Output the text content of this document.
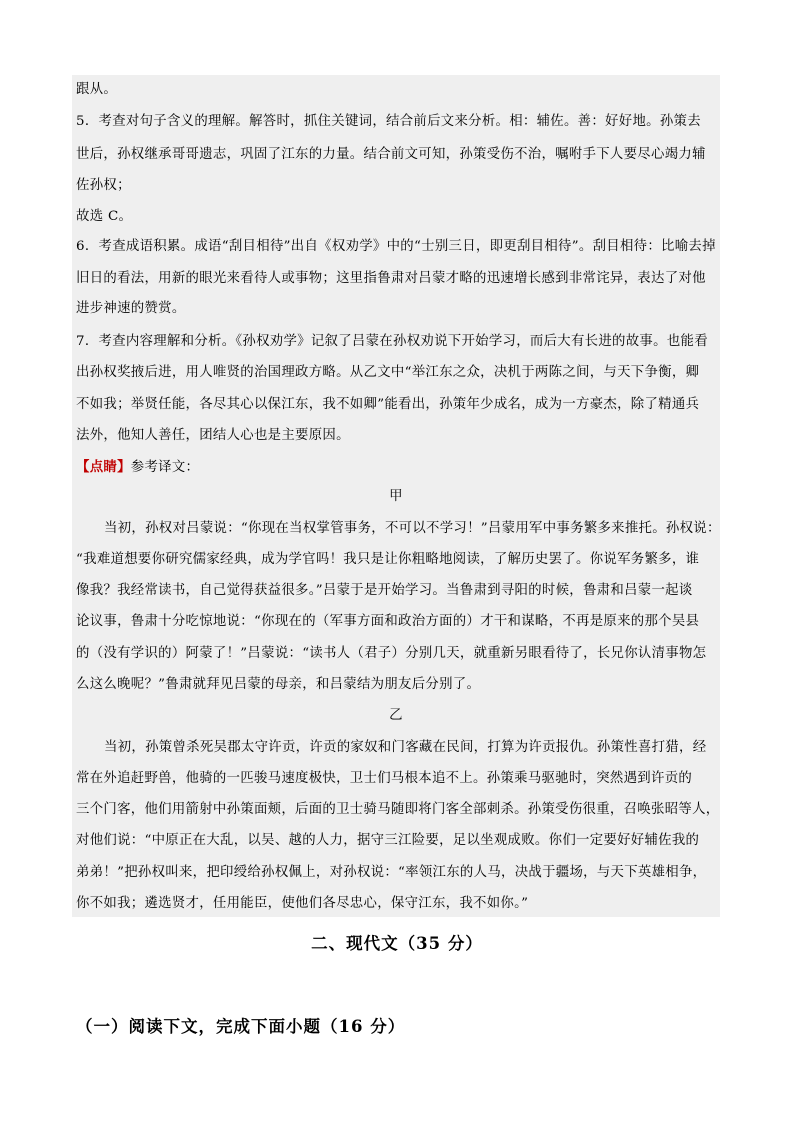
跟从。
5．考查对句子含义的理解。解答时，抓住关键词，结合前后文来分析。相：辅佐。善：好好地。孙策去
世后，孙权继承哥哥遗志，巩固了江东的力量。结合前文可知，孙策受伤不治，嘱咐手下人要尽心竭力辅
佐孙权；
故选 C。
6．考查成语积累。成语“刮目相待”出自《权劝学》中的“士别三日，即更刮目相待”。刮目相待：比喻去掉
旧日的看法，用新的眼光来看待人或事物；这里指鲁肃对吕蒙才略的迅速增长感到非常诧异，表达了对他
进步神速的赞赏。
7．考查内容理解和分析。《孙权劝学》记叙了吕蒙在孙权劝说下开始学习，而后大有长进的故事。也能看
出孙权奖掖后进，用人唯贤的治国理政方略。从乙文中“举江东之众，决机于两陈之间，与天下争衡，卿
不如我；举贤任能，各尽其心以保江东，我不如卿”能看出，孙策年少成名，成为一方豪杰，除了精通兵
法外，他知人善任，团结人心也是主要原因。
【点睛】参考译文：
甲
当初，孙权对吕蒙说：“你现在当权掌管事务，不可以不学习！”吕蒙用军中事务繁多来推托。孙权说：
“我难道想要你研究儒家经典，成为学官吗！我只是让你粗略地阅读，了解历史罢了。你说军务繁多，谁
像我？我经常读书，自己觉得获益很多。”吕蒙于是开始学习。当鲁肃到寻阳的时候，鲁肃和吕蒙一起谈
论议事，鲁肃十分吃惊地说：“你现在的（军事方面和政治方面的）才干和谋略，不再是原来的那个吴县
的（没有学识的）阿蒙了！”吕蒙说：“读书人（君子）分别几天，就重新另眼看待了，长兄你认清事物怎
么这么晚呢？”鲁肃就拜见吕蒙的母亲，和吕蒙结为朋友后分别了。
乙
当初，孙策曾杀死吴郡太守许贡，许贡的家奴和门客藏在民间，打算为许贡报仇。孙策性喜打猎，经
常在外追赶野兽，他骑的一匹骏马速度极快，卫士们马根本追不上。孙策乘马驱驰时，突然遇到许贡的
三个门客，他们用箭射中孙策面颊，后面的卫士骑马随即将门客全部刺杀。孙策受伤很重，召唤张昭等人，
对他们说：“中原正在大乱，以吴、越的人力，据守三江险要，足以坐观成败。你们一定要好好辅佐我的
弟弟！”把孙权叫来，把印绶给孙权佩上，对孙权说：“率领江东的人马，决战于疆场，与天下英雄相争，
你不如我；遴选贤才，任用能臣，使他们各尽忠心，保守江东，我不如你。”
二、现代文（35 分）
（一）阅读下文，完成下面小题（16 分）
